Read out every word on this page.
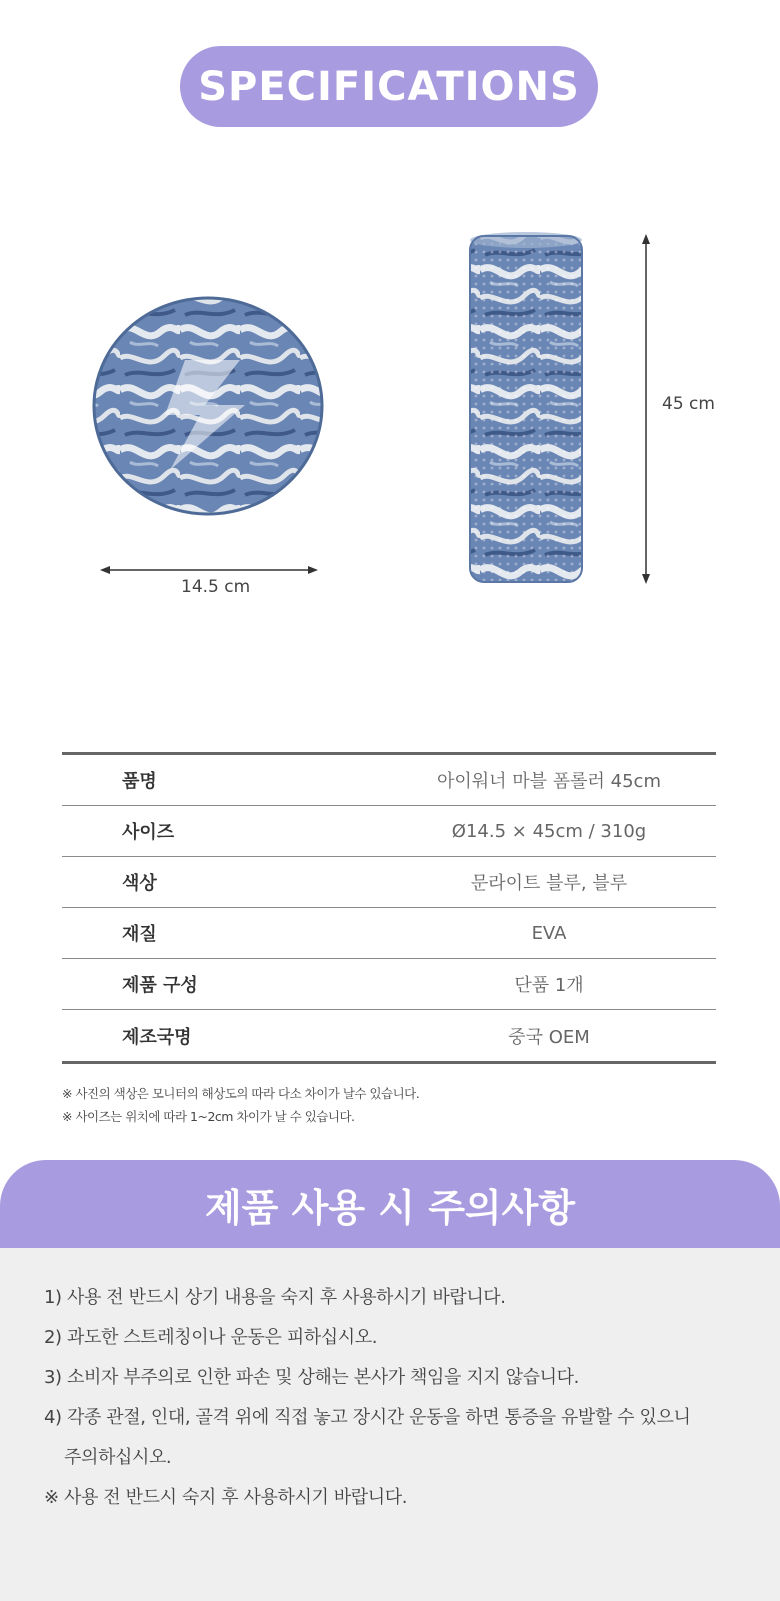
SPECIFICATIONS
14.5 cm
45 cm
품명	아이워너 마블 폼롤러 45cm
사이즈	Ø14.5 × 45cm / 310g
색상	문라이트 블루, 블루
재질	EVA
제품 구성	단품 1개
제조국명	중국 OEM
※ 사진의 색상은 모니터의 해상도의 따라 다소 차이가 날수 있습니다.
※ 사이즈는 위치에 따라 1~2cm 차이가 날 수 있습니다.
제품 사용 시 주의사항
1) 사용 전 반드시 상기 내용을 숙지 후 사용하시기 바랍니다.
2) 과도한 스트레칭이나 운동은 피하십시오.
3) 소비자 부주의로 인한 파손 및 상해는 본사가 책임을 지지 않습니다.
4) 각종 관절, 인대, 골격 위에 직접 놓고 장시간 운동을 하면 통증을 유발할 수 있으니
주의하십시오.
※ 사용 전 반드시 숙지 후 사용하시기 바랍니다.
